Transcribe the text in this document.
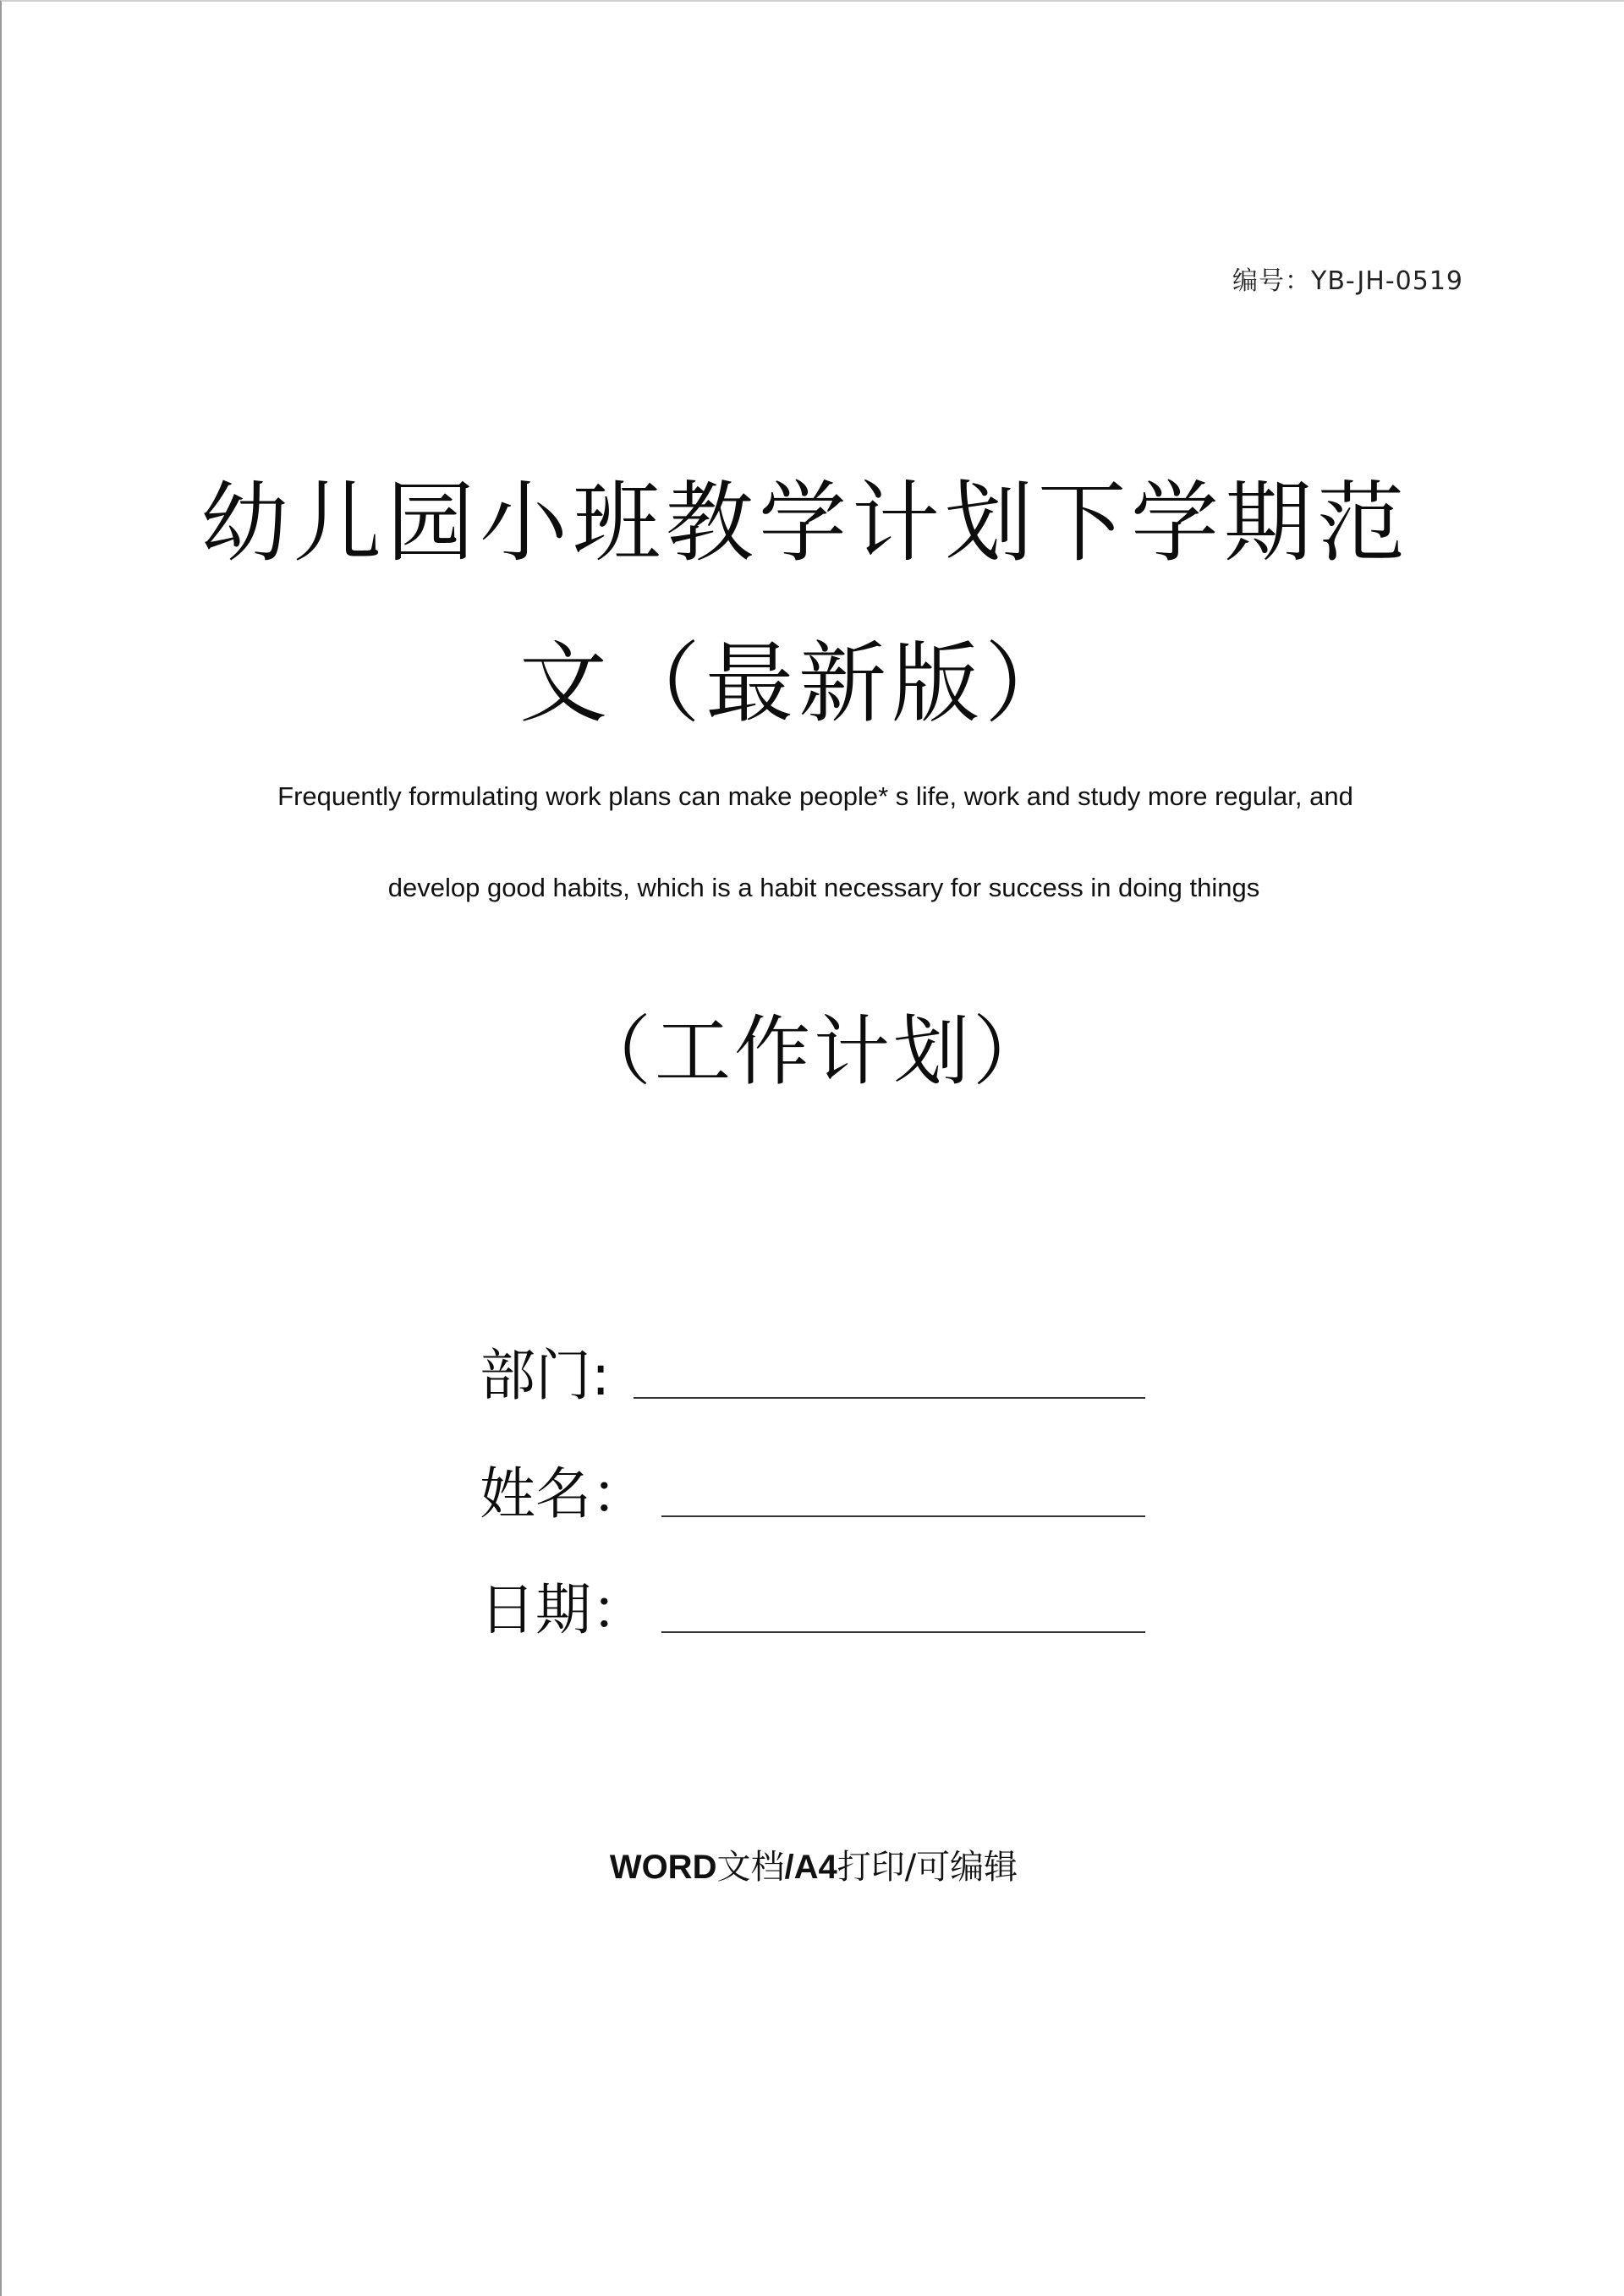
编号：YB-JH-0519
幼儿园小班教学计划下学期范
文（最新版）
Frequently formulating work plans can make people* s life, work and study more regular, and
develop good habits, which is a habit necessary for success in doing things
（工作计划）
部门:
姓名：
日期：
WORD文档/A4打印/可编辑
